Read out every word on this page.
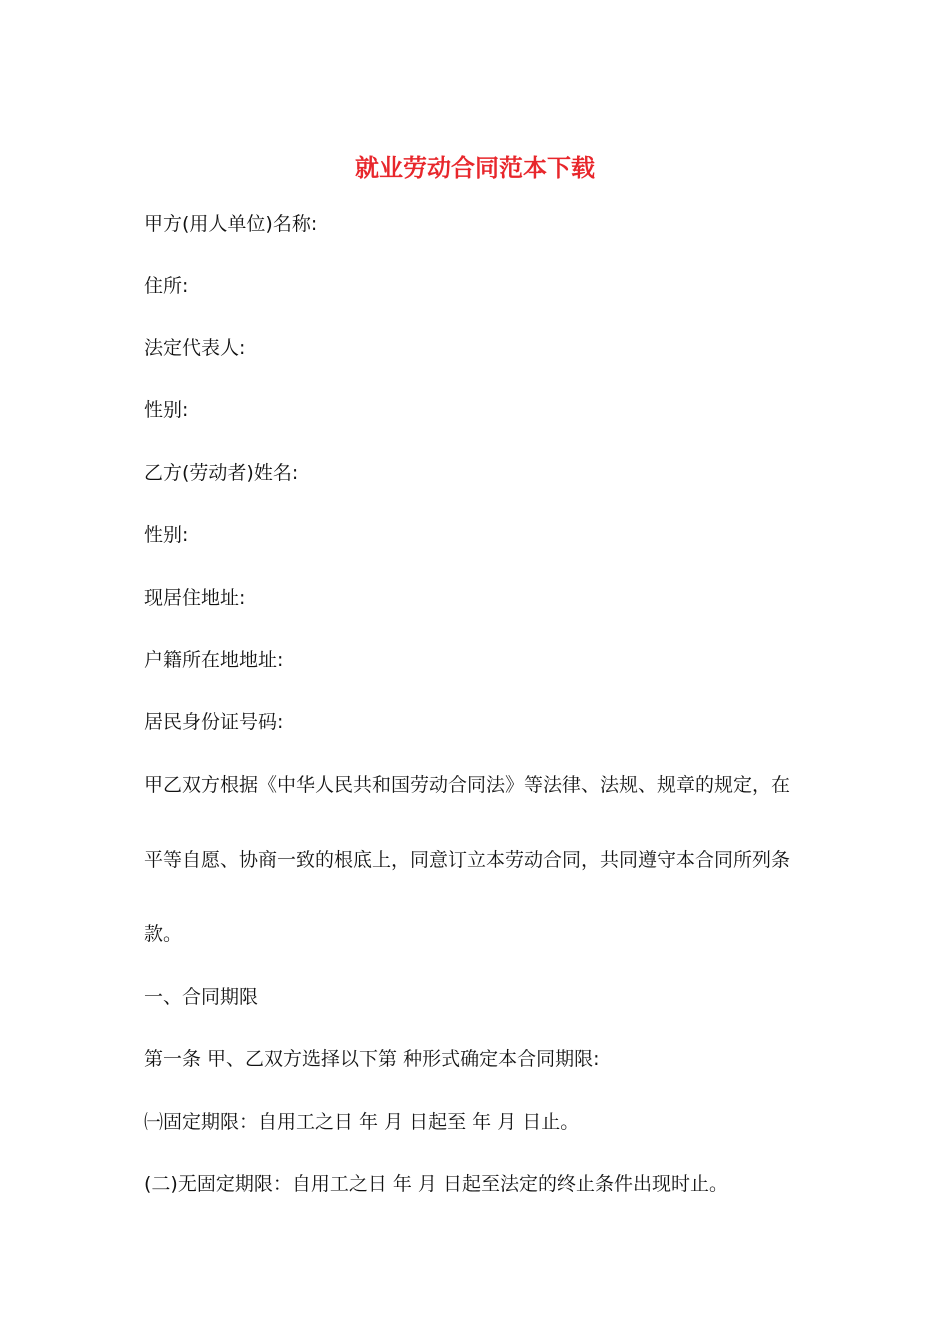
就业劳动合同范本下载
甲方(用人单位)名称:
住所:
法定代表人:
性别:
乙方(劳动者)姓名:
性别:
现居住地址:
户籍所在地地址:
居民身份证号码:
甲乙双方根据《中华人民共和国劳动合同法》等法律、法规、规章的规定，在
平等自愿、协商一致的根底上，同意订立本劳动合同，共同遵守本合同所列条
款。
一、合同期限
第一条 甲、乙双方选择以下第 种形式确定本合同期限:
㈠固定期限：自用工之日 年 月 日起至 年 月 日止。
(二)无固定期限：自用工之日 年 月 日起至法定的终止条件出现时止。
